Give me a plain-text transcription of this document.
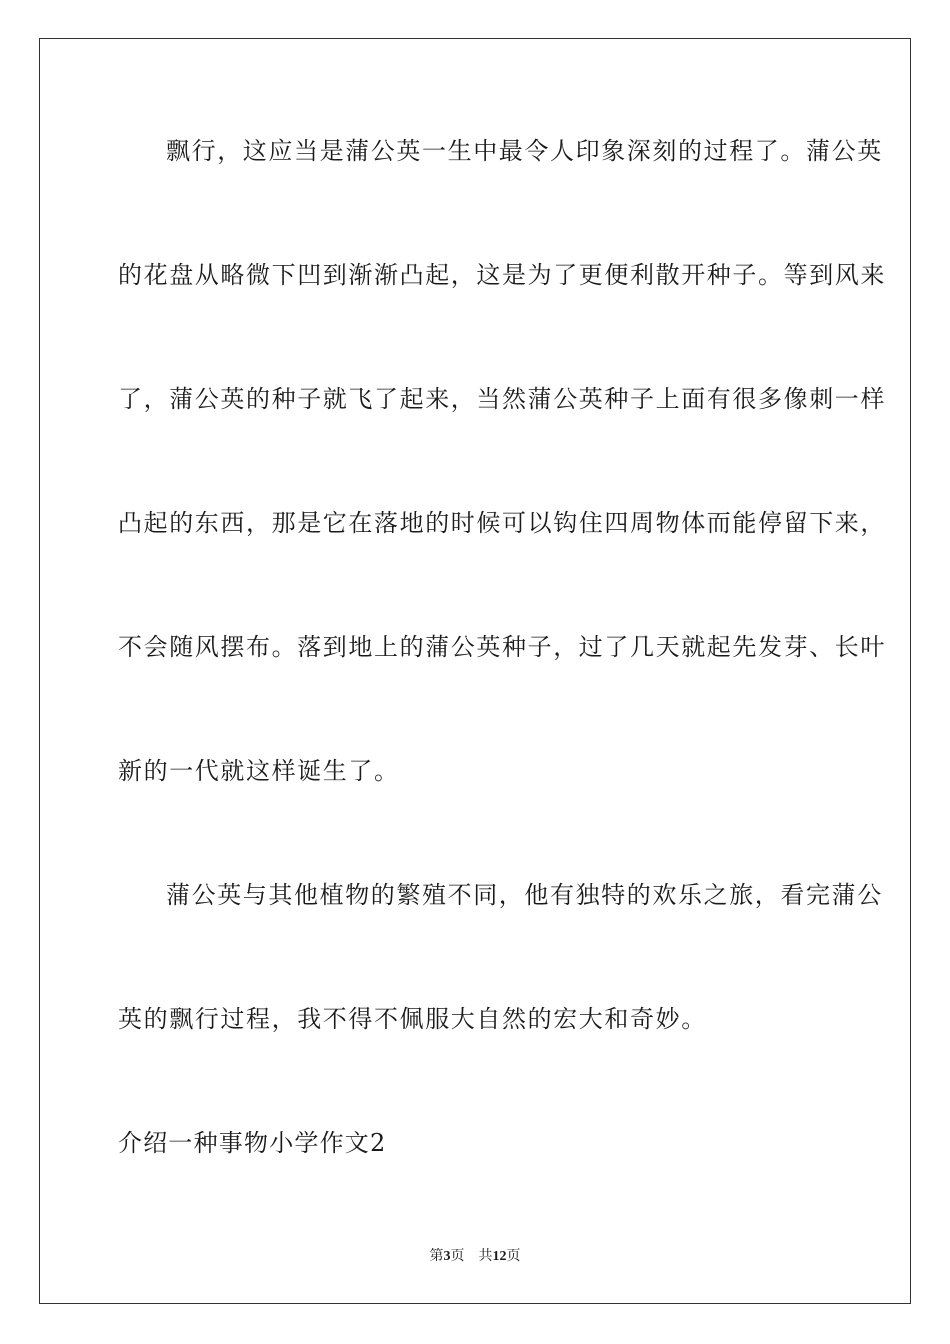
飘行，这应当是蒲公英一生中最令人印象深刻的过程了。蒲公英
的花盘从略微下凹到渐渐凸起，这是为了更便利散开种子。等到风来
了，蒲公英的种子就飞了起来，当然蒲公英种子上面有很多像刺一样
凸起的东西，那是它在落地的时候可以钩住四周物体而能停留下来，
不会随风摆布。落到地上的蒲公英种子，过了几天就起先发芽、长叶
新的一代就这样诞生了。
蒲公英与其他植物的繁殖不同，他有独特的欢乐之旅，看完蒲公
英的飘行过程，我不得不佩服大自然的宏大和奇妙。
介绍一种事物小学作文2
第3页 共12页
